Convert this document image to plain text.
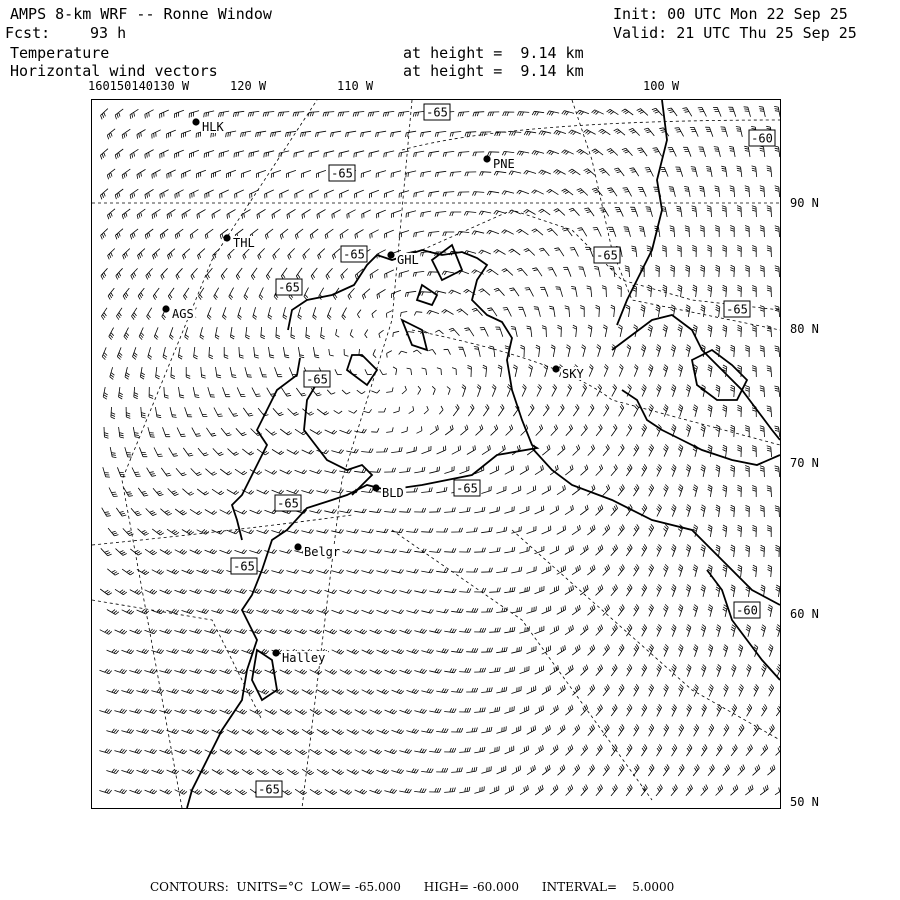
AMPS 8-km WRF -- Ronne Window	Init: 00 UTC Mon 22 Sep 25
Fcst:	93 h	Valid: 21 UTC Thu 25 Sep 25
Temperature	at height =  9.14 km
Horizontal wind vectors	at height =  9.14 km
160150140130 W	120 W	110 W	100 W
90 N
80 N
70 N
60 N
50 N
HLK
PNE
THL
GHL
AGS
SKY
BLD
Belgr
Halley
-65
-60
-65
-65	-65
-65
-65
-65
-65
-65
-65
-60
-65
CONTOURS:  UNITS=°C  LOW= -65.000      HIGH= -60.000      INTERVAL=    5.0000
